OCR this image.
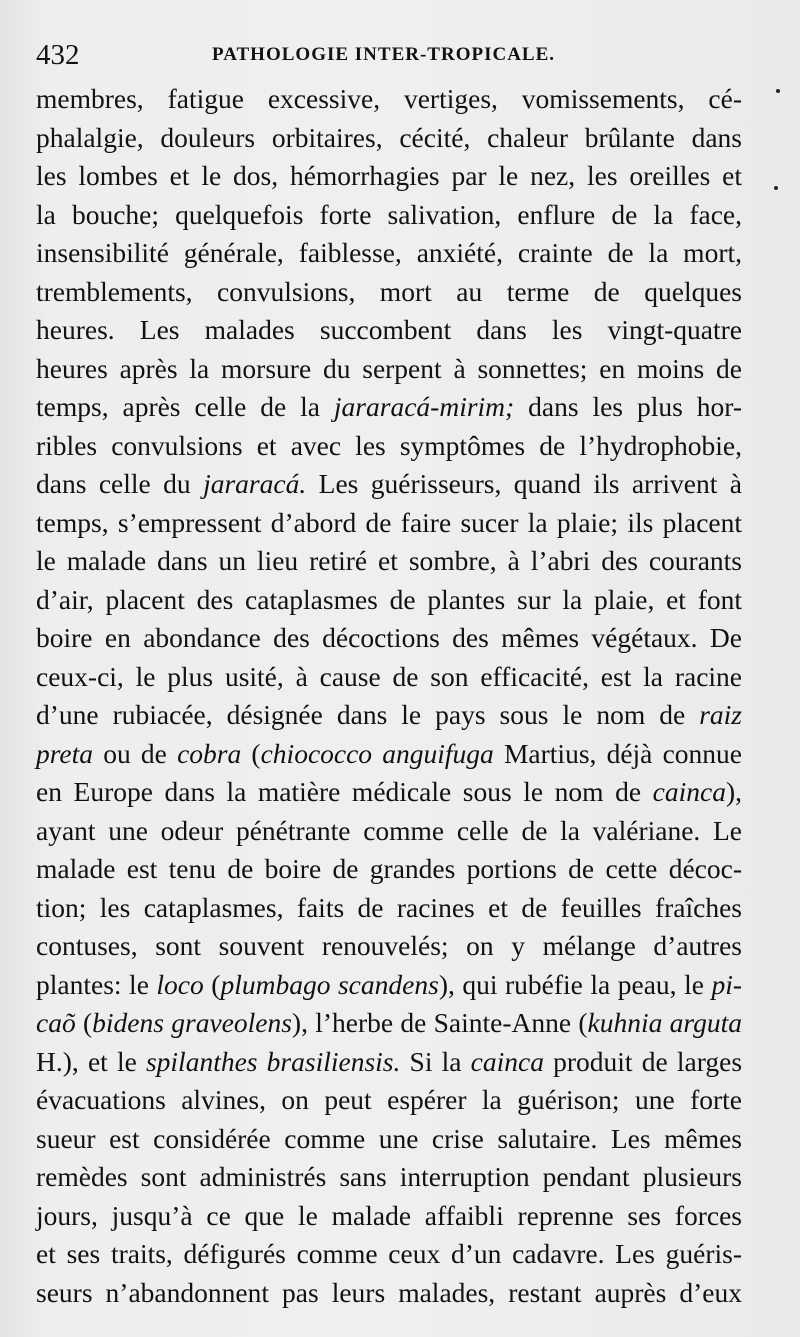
432	PATHOLOGIE INTER-TROPICALE.
membres, fatigue excessive, vertiges, vomissements, cé-
phalalgie, douleurs orbitaires, cécité, chaleur brûlante dans
les lombes et le dos, hémorrhagies par le nez, les oreilles et
la bouche; quelquefois forte salivation, enflure de la face,
insensibilité générale, faiblesse, anxiété, crainte de la mort,
tremblements, convulsions, mort au terme de quelques
heures. Les malades succombent dans les vingt-quatre
heures après la morsure du serpent à sonnettes; en moins de
temps, après celle de la jararacá-mirim; dans les plus hor-
ribles convulsions et avec les symptômes de l’hydrophobie,
dans celle du jararacá. Les guérisseurs, quand ils arrivent à
temps, s’empressent d’abord de faire sucer la plaie; ils placent
le malade dans un lieu retiré et sombre, à l’abri des courants
d’air, placent des cataplasmes de plantes sur la plaie, et font
boire en abondance des décoctions des mêmes végétaux. De
ceux-ci, le plus usité, à cause de son efficacité, est la racine
d’une rubiacée, désignée dans le pays sous le nom de raiz
preta ou de cobra (chiococco anguifuga Martius, déjà connue
en Europe dans la matière médicale sous le nom de cainca),
ayant une odeur pénétrante comme celle de la valériane. Le
malade est tenu de boire de grandes portions de cette décoc-
tion; les cataplasmes, faits de racines et de feuilles fraîches
contuses, sont souvent renouvelés; on y mélange d’autres
plantes: le loco (plumbago scandens), qui rubéfie la peau, le pi-
caõ (bidens graveolens), l’herbe de Sainte-Anne (kuhnia arguta
H.), et le spilanthes brasiliensis. Si la cainca produit de larges
évacuations alvines, on peut espérer la guérison; une forte
sueur est considérée comme une crise salutaire. Les mêmes
remèdes sont administrés sans interruption pendant plusieurs
jours, jusqu’à ce que le malade affaibli reprenne ses forces
et ses traits, défigurés comme ceux d’un cadavre. Les guéris-
seurs n’abandonnent pas leurs malades, restant auprès d’eux
